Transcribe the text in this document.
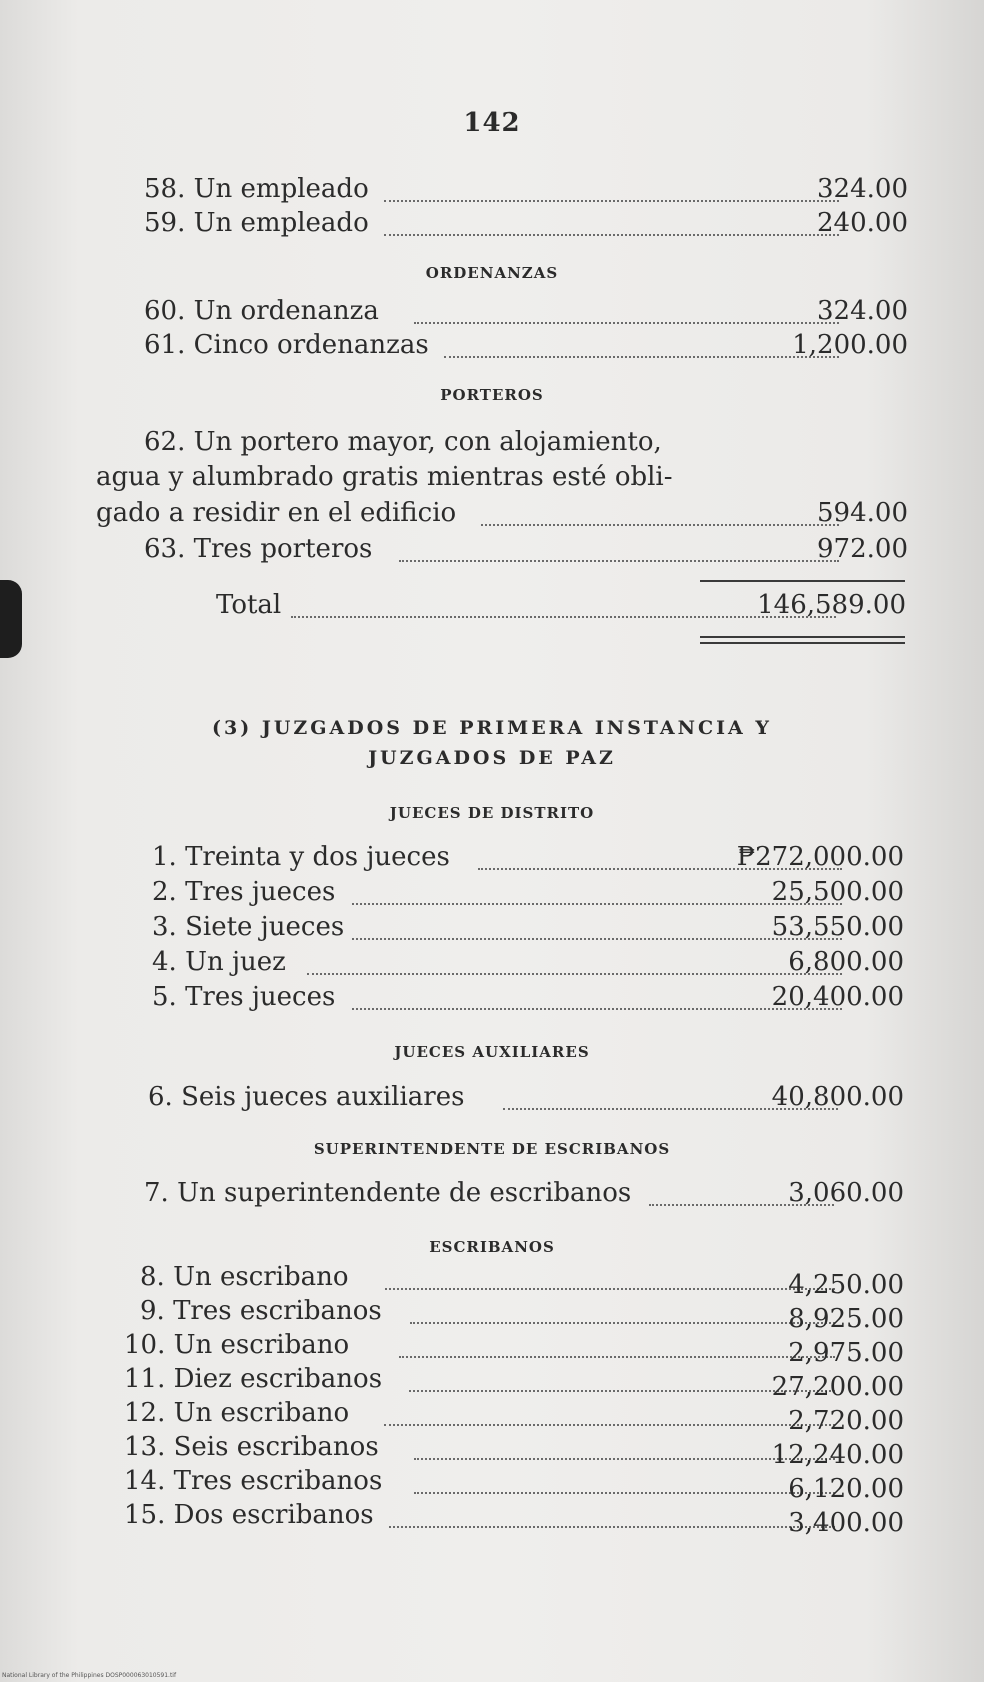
142
58. Un empleado	324.00
59. Un empleado	240.00
ORDENANZAS
60. Un ordenanza	324.00
61. Cinco ordenanzas	1,200.00
PORTEROS
62. Un portero mayor, con alojamiento,
agua y alumbrado gratis mientras esté obli-
gado a residir en el edificio	594.00
63. Tres porteros	972.00
Total	146,589.00
(3) JUZGADOS DE PRIMERA INSTANCIA Y
JUZGADOS DE PAZ
JUECES DE DISTRITO
1. Treinta y dos jueces	₱272,000.00
2. Tres jueces	25,500.00
3. Siete jueces	53,550.00
4. Un juez	6,800.00
5. Tres jueces	20,400.00
JUECES AUXILIARES
6. Seis jueces auxiliares	40,800.00
SUPERINTENDENTE DE ESCRIBANOS
7. Un superintendente de escribanos	3,060.00
ESCRIBANOS
8. Un escribano	4,250.00
9. Tres escribanos	8,925.00
10. Un escribano	2,975.00
11. Diez escribanos	27,200.00
12. Un escribano	2,720.00
13. Seis escribanos	12,240.00
14. Tres escribanos	6,120.00
15. Dos escribanos	3,400.00
National Library of the Philippines DOSP000063010591.tif
